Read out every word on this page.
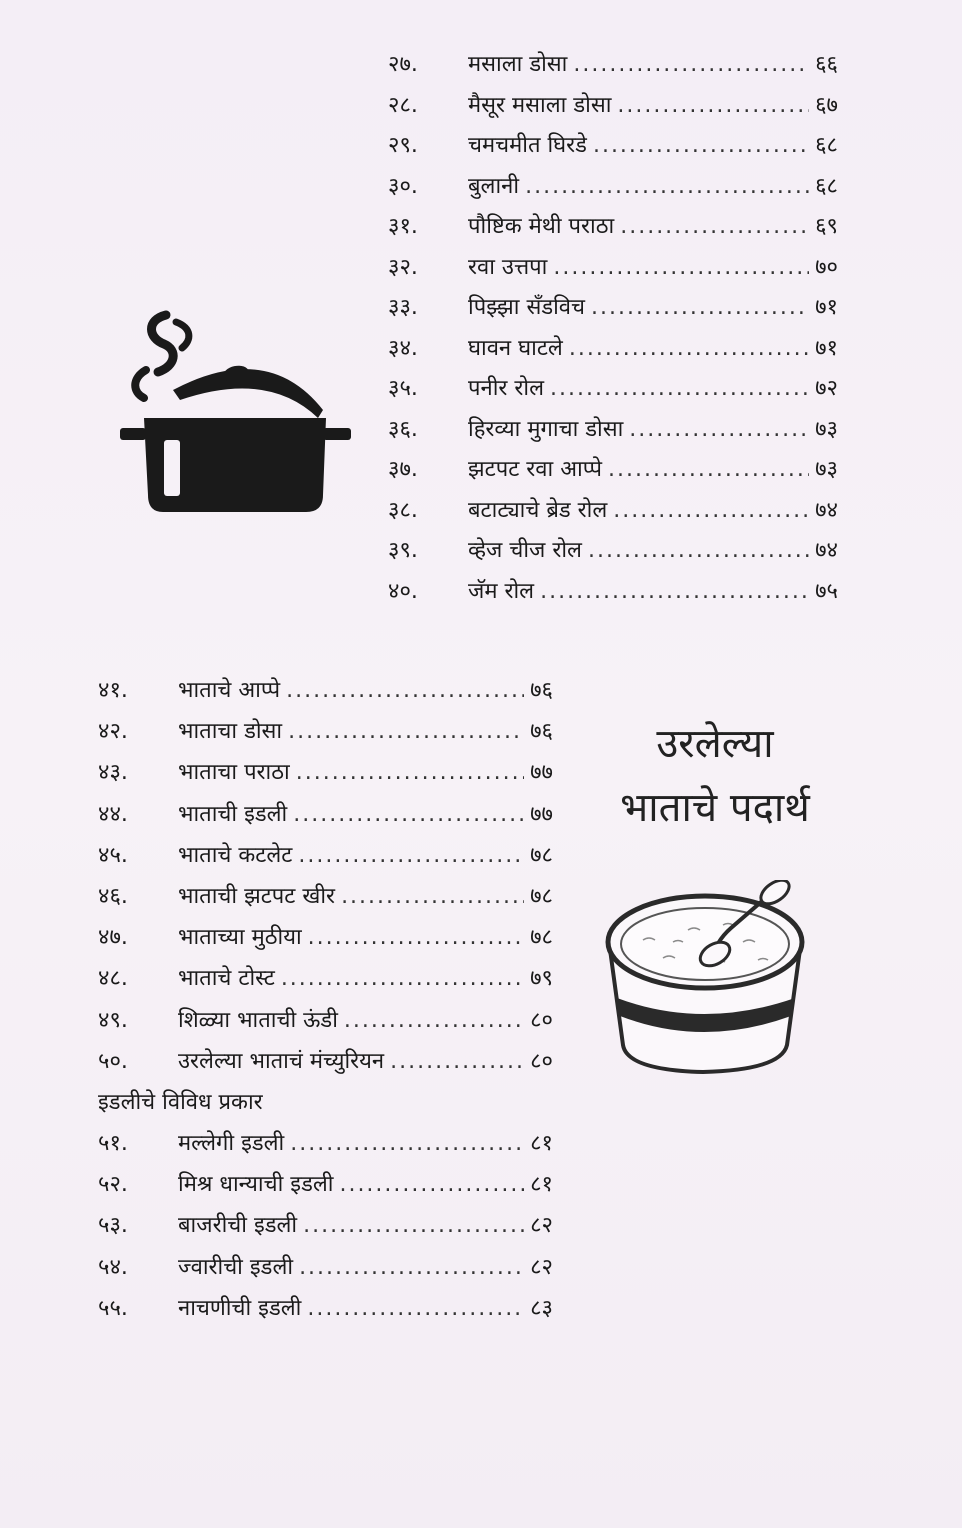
२७.	मसाला डोसा .....	६६
२८.	मैसूर मसाला डोसा .....	६७
२९.	चमचमीत घिरडे .....	६८
३०.	बुलानी .....	६८
३१.	पौष्टिक मेथी पराठा .....	६९
३२.	रवा उत्तपा .....	७०
३३.	पिझ्झा सँडविच .....	७१
३४.	घावन घाटले .....	७१
३५.	पनीर रोल .....	७२
३६.	हिरव्या मुगाचा डोसा .....	७३
३७.	झटपट रवा आप्पे .....	७३
३८.	बटाट्याचे ब्रेड रोल .....	७४
३९.	व्हेज चीज रोल .....	७४
४०.	जॅम रोल .....	७५
४१.	भाताचे आप्पे .....	७६
४२.	भाताचा डोसा .....	७६
४३.	भाताचा पराठा .....	७७
४४.	भाताची इडली .....	७७
४५.	भाताचे कटलेट .....	७८
४६.	भाताची झटपट खीर .....	७८
४७.	भाताच्या मुठीया .....	७८
४८.	भाताचे टोस्ट .....	७९
४९.	शिळ्या भाताची ऊंडी .....	८०
५०.	उरलेल्या भाताचं मंच्युरियन .....	८०
इडलीचे विविध प्रकार
५१.	मल्लेगी इडली .....	८१
५२.	मिश्र धान्याची इडली .....	८१
५३.	बाजरीची इडली .....	८२
५४.	ज्वारीची इडली .....	८२
५५.	नाचणीची इडली .....	८३
उरलेल्या
भाताचे पदार्थ
